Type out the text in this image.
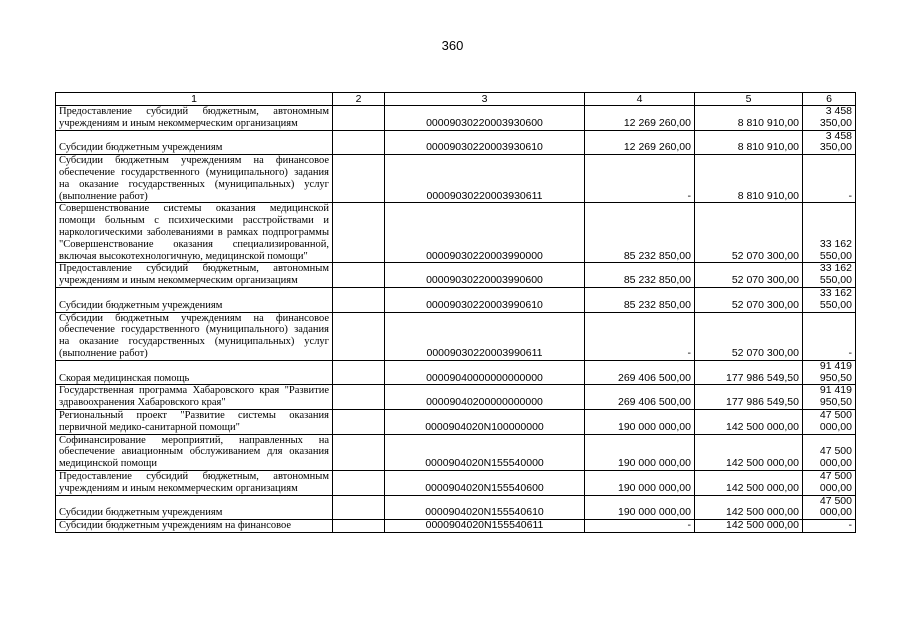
360
1	2	3	4	5	6
Предоставление субсидий бюджетным, автономным учреждениям и иным некоммерческим организациям		00009030220003930600	12 269 260,00	8 810 910,00	3 458 350,00
Субсидии бюджетным учреждениям		00009030220003930610	12 269 260,00	8 810 910,00	3 458 350,00
Субсидии бюджетным учреждениям на финансовое обеспечение государственного (муниципального) задания на оказание государственных (муниципальных) услуг (выполнение работ)		00009030220003930611	-	8 810 910,00	-
Совершенствование системы оказания медицинской помощи больным с психическими расстройствами и наркологическими заболеваниями в рамках подпрограммы "Совершенствование оказания специализированной, включая высокотехнологичную, медицинской помощи"		00009030220003990000	85 232 850,00	52 070 300,00	33 162 550,00
Предоставление субсидий бюджетным, автономным учреждениям и иным некоммерческим организациям		00009030220003990600	85 232 850,00	52 070 300,00	33 162 550,00
Субсидии бюджетным учреждениям		00009030220003990610	85 232 850,00	52 070 300,00	33 162 550,00
Субсидии бюджетным учреждениям на финансовое обеспечение государственного (муниципального) задания на оказание государственных (муниципальных) услуг (выполнение работ)		00009030220003990611	-	52 070 300,00	-
Скорая медицинская помощь		00009040000000000000	269 406 500,00	177 986 549,50	91 419 950,50
Государственная программа Хабаровского края "Развитие здравоохранения Хабаровского края"		00009040200000000000	269 406 500,00	177 986 549,50	91 419 950,50
Региональный проект "Развитие системы оказания первичной медико-санитарной помощи"		0000904020N100000000	190 000 000,00	142 500 000,00	47 500 000,00
Софинансирование мероприятий, направленных на обеспечение авиационным обслуживанием для оказания медицинской помощи		0000904020N155540000	190 000 000,00	142 500 000,00	47 500 000,00
Предоставление субсидий бюджетным, автономным учреждениям и иным некоммерческим организациям		0000904020N155540600	190 000 000,00	142 500 000,00	47 500 000,00
Субсидии бюджетным учреждениям		0000904020N155540610	190 000 000,00	142 500 000,00	47 500 000,00
Субсидии бюджетным учреждениям на финансовое		0000904020N155540611	-	142 500 000,00	-
